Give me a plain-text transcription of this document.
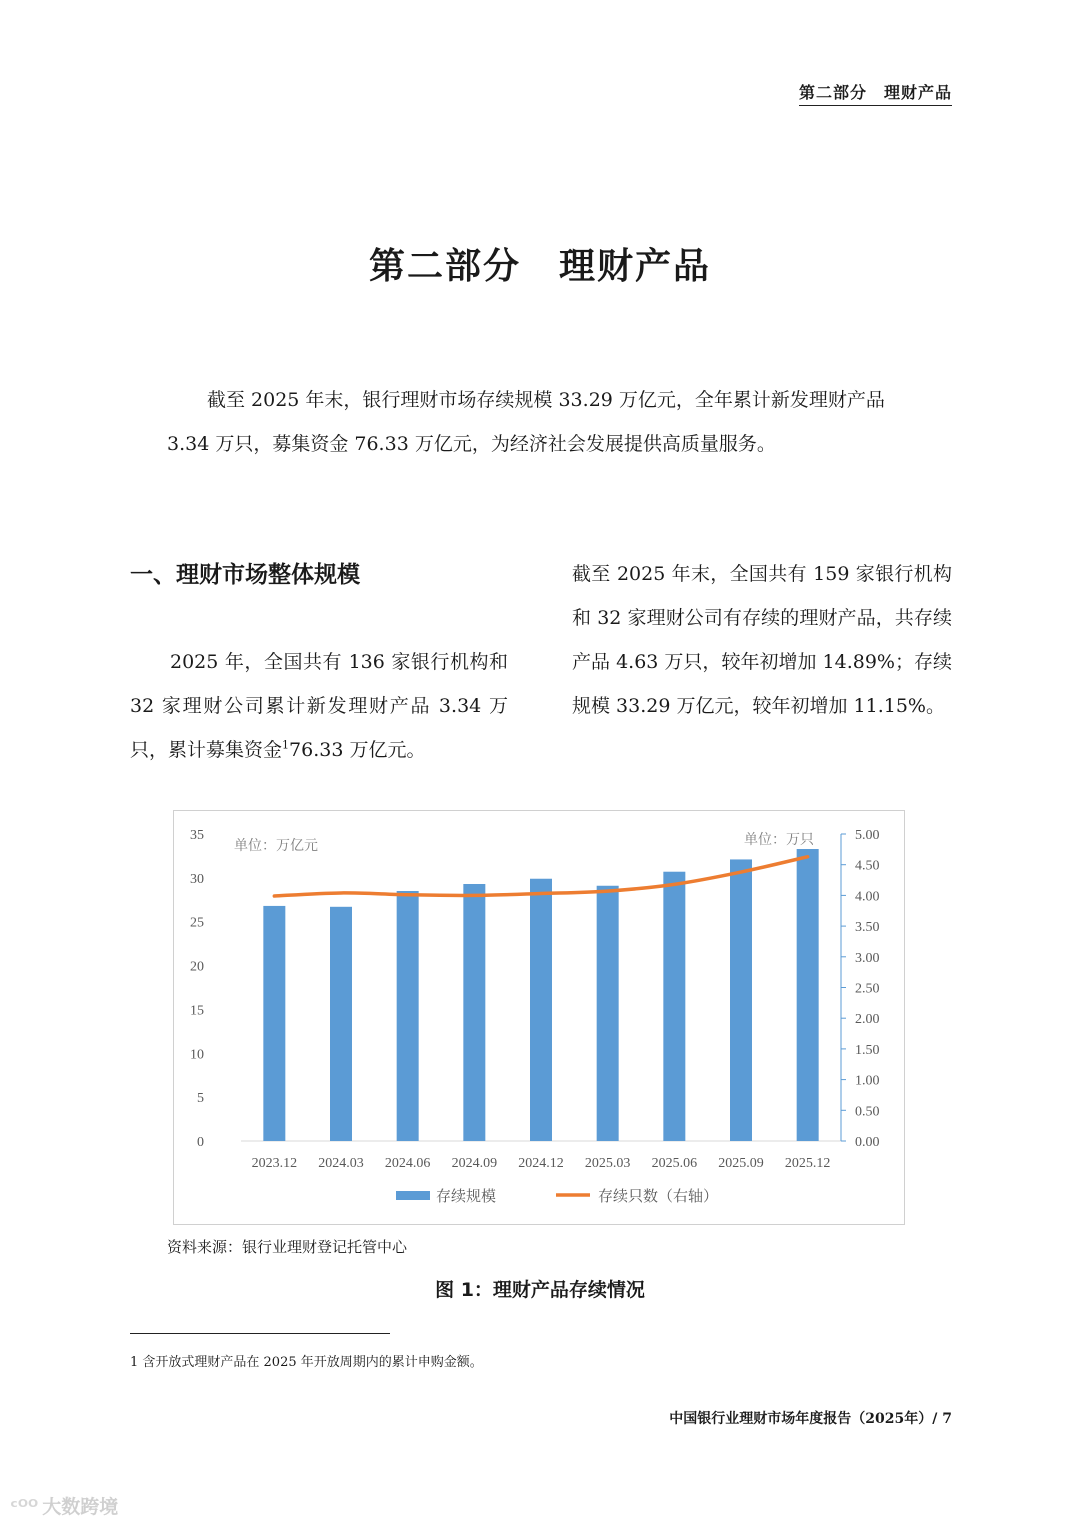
第二部分　理财产品
第二部分　理财产品
截至 2025 年末，银行理财市场存续规模 33.29 万亿元，全年累计新发理财产品 3.34 万只，募集资金 76.33 万亿元，为经济社会发展提供高质量服务。
一、理财市场整体规模
2025 年，全国共有 136 家银行机构和 32 家理财公司累计新发理财产品 3.34 万只，累计募集资金$^1$76.33 万亿元。
截至 2025 年末，全国共有 159 家银行机构和 32 家理财公司有存续的理财产品，共存续产品 4.63 万只，较年初增加 14.89%；存续规模 33.29 万亿元，较年初增加 11.15%。
0
5
10
15
20
25
30
35
0.00
0.50
1.00
1.50
2.00
2.50
3.00
3.50
4.00
4.50
5.00
单位：万亿元	单位：万只
2023.12 2024.03 2024.06 2024.09 2024.12 2025.03 2025.06 2025.09 2025.12
存续规模	存续只数（右轴）
资料来源：银行业理财登记托管中心
图 1：理财产品存续情况
1 含开放式理财产品在 2025 年开放周期内的累计申购金额。
中国银行业理财市场年度报告（2025年）/ 7
ᶜᴼᴼ 大数跨境
